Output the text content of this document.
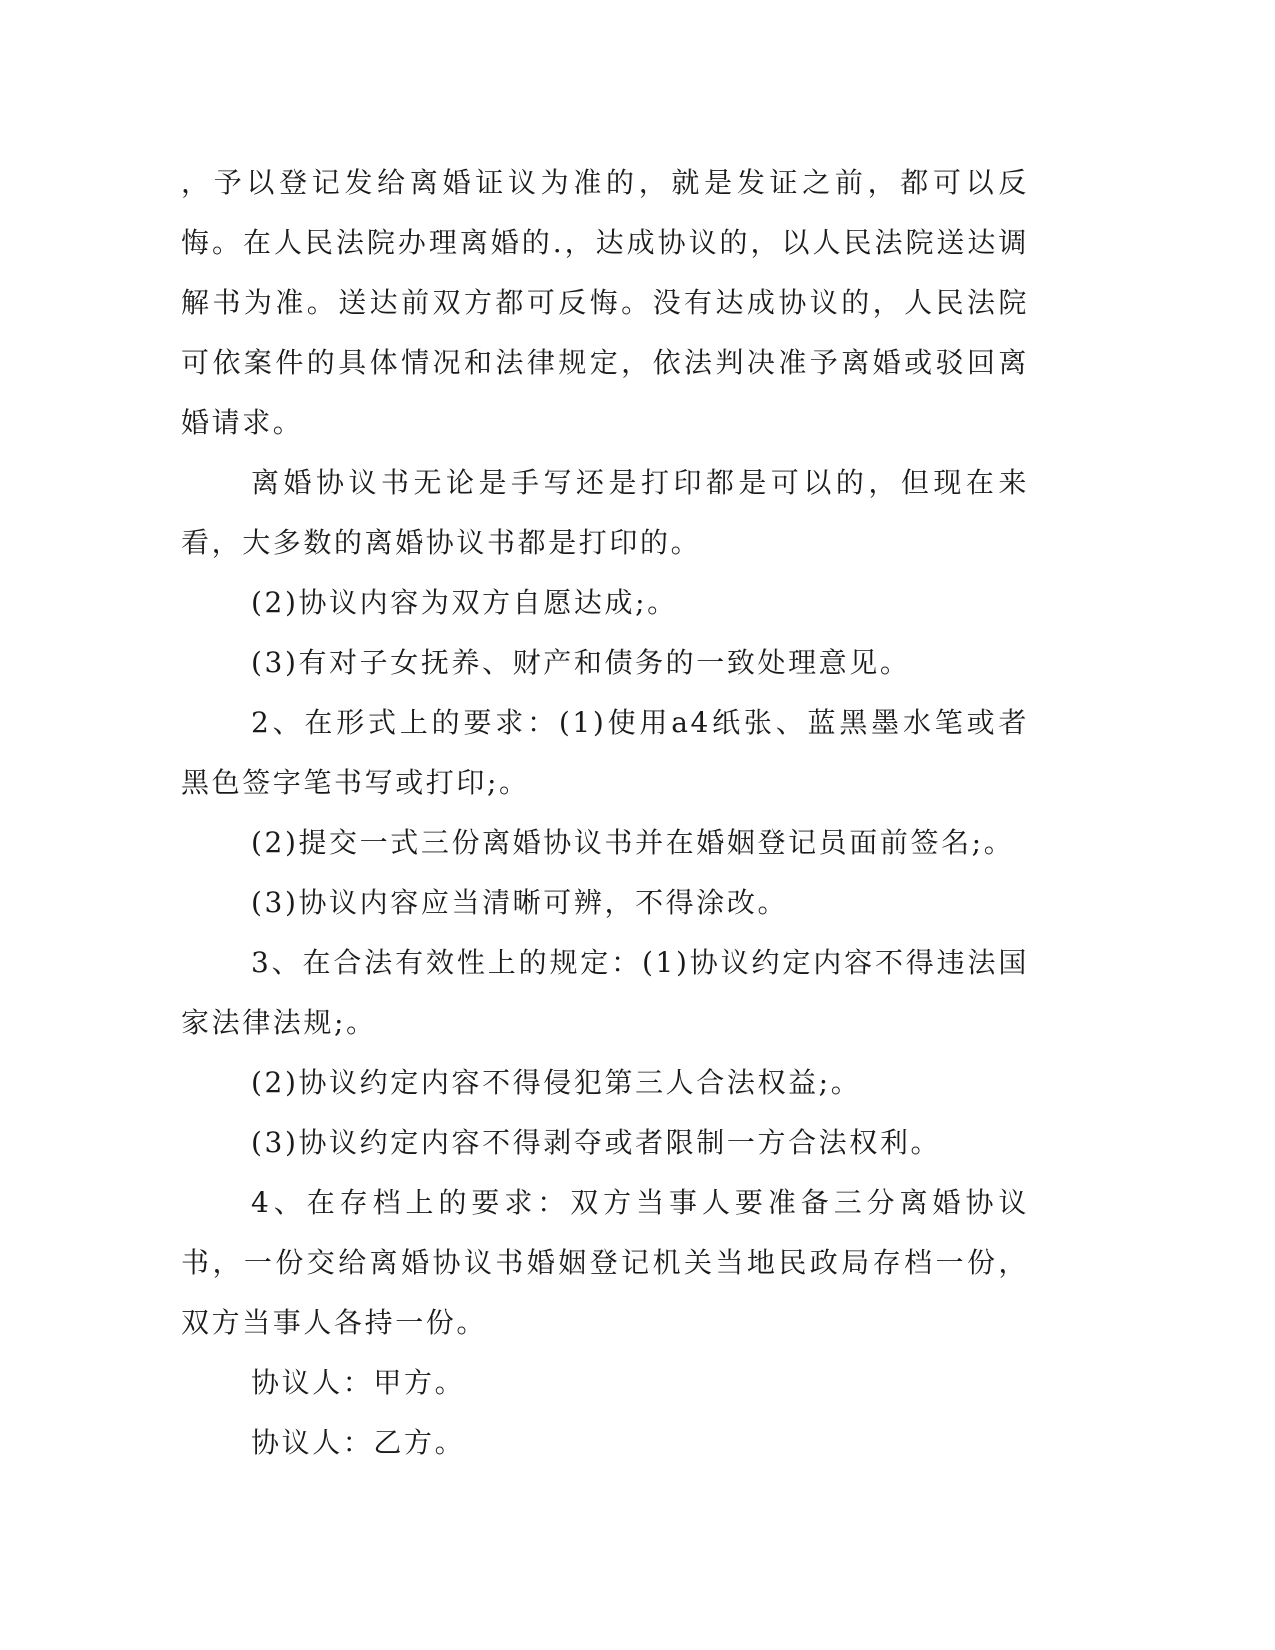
，予以登记发给离婚证议为准的，就是发证之前，都可以反悔。在人民法院办理离婚的.，达成协议的，以人民法院送达调解书为准。送达前双方都可反悔。没有达成协议的，人民法院可依案件的具体情况和法律规定，依法判决准予离婚或驳回离婚请求。

离婚协议书无论是手写还是打印都是可以的，但现在来看，大多数的离婚协议书都是打印的。

(2)协议内容为双方自愿达成;。

(3)有对子女抚养、财产和债务的一致处理意见。

2、在形式上的要求：(1)使用a4纸张、蓝黑墨水笔或者黑色签字笔书写或打印;。

(2)提交一式三份离婚协议书并在婚姻登记员面前签名;。

(3)协议内容应当清晰可辨，不得涂改。

3、在合法有效性上的规定：(1)协议约定内容不得违法国家法律法规;。

(2)协议约定内容不得侵犯第三人合法权益;。

(3)协议约定内容不得剥夺或者限制一方合法权利。

4、在存档上的要求：双方当事人要准备三分离婚协议书，一份交给离婚协议书婚姻登记机关当地民政局存档一份，双方当事人各持一份。

协议人：甲方。

协议人：乙方。
